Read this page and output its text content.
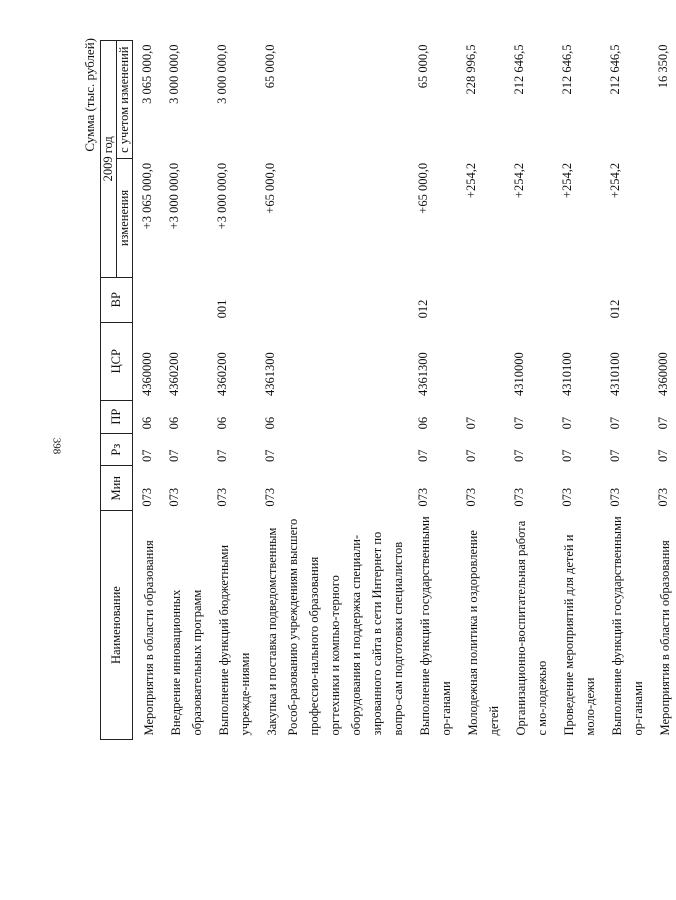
398
Сумма (тыс. рублей)
Наименование	Мин	Рз	ПР	ЦСР	ВР	2009 год	
						изменения	с учетом изменений
Мероприятия в области образования	073	07	06	4360000		+3 065 000,0	3 065 000,0
Внедрение инновационных образовательных программ	073	07	06	4360200		+3 000 000,0	3 000 000,0
Выполнение функций бюджетными учрежде-ниями	073	07	06	4360200	001	+3 000 000,0	3 000 000,0
Закупка и поставка подведомственным Рособ-разованию учреждениям высшего профессио-нального образования оргтехники и компью-терного оборудования и поддержка специали-зированного сайта в сети Интернет по вопро-сам подготовки специалистов	073	07	06	4361300		+65 000,0	65 000,0
Выполнение функций государственными ор-ганами	073	07	06	4361300	012	+65 000,0	65 000,0
Молодежная политика и оздоровление детей	073	07	07			+254,2	228 996,5
Организационно-воспитательная работа с мо-лодежью	073	07	07	4310000		+254,2	212 646,5
Проведение мероприятий для детей и моло-дежи	073	07	07	4310100		+254,2	212 646,5
Выполнение функций государственными ор-ганами	073	07	07	4310100	012	+254,2	212 646,5
Мероприятия в области образования	073	07	07	4360000			16 350,0
